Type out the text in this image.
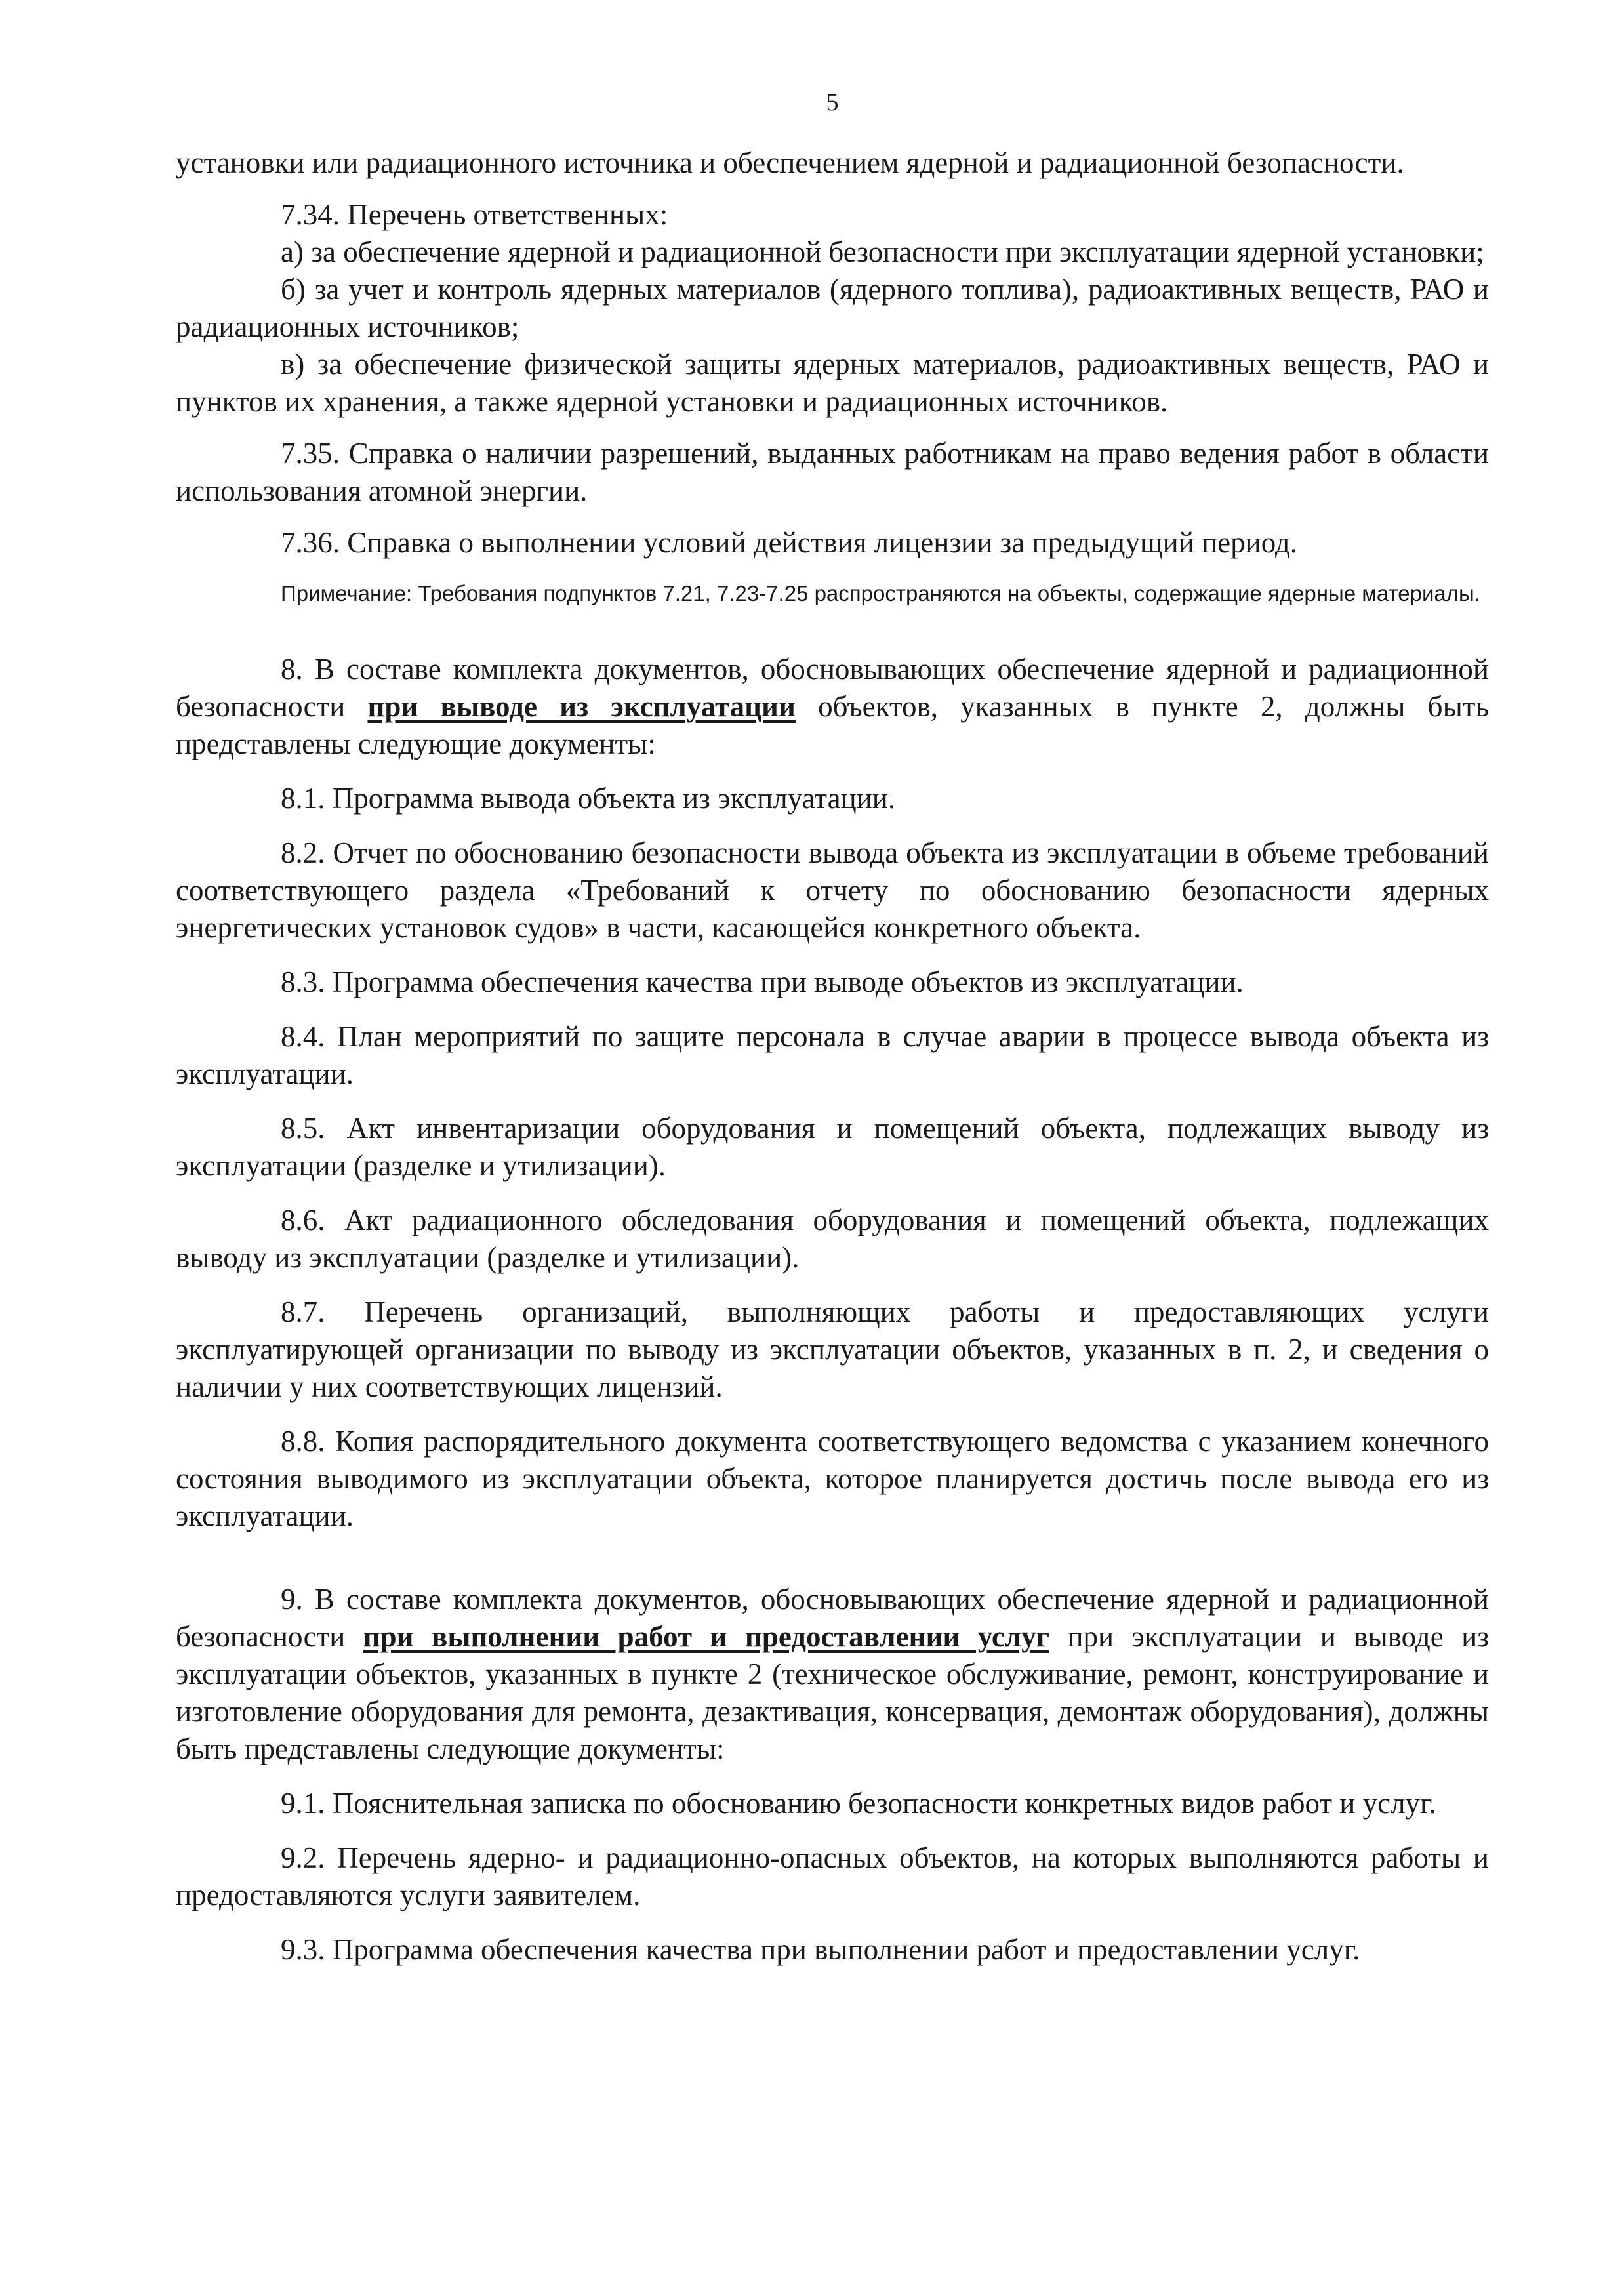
5

установки или радиационного источника и обеспечением ядерной и радиационной безопасности.

7.34. Перечень ответственных:

а) за обеспечение ядерной и радиационной безопасности при эксплуатации ядерной установки;

б) за учет и контроль ядерных материалов (ядерного топлива), радиоактивных веществ, РАО и радиационных источников;

в) за обеспечение физической защиты ядерных материалов, радиоактивных веществ, РАО и пунктов их хранения, а также ядерной установки и радиационных источников.

7.35. Справка о наличии разрешений, выданных работникам на право ведения работ в области использования атомной энергии.

7.36. Справка о выполнении условий действия лицензии за предыдущий период.

Примечание: Требования подпунктов 7.21, 7.23-7.25 распространяются на объекты, содержащие ядерные материалы.

8. В составе комплекта документов, обосновывающих обеспечение ядерной и радиационной безопасности при выводе из эксплуатации объектов, указанных в пункте 2, должны быть представлены следующие документы:

8.1. Программа вывода объекта из эксплуатации.

8.2. Отчет по обоснованию безопасности вывода объекта из эксплуатации в объеме требований соответствующего раздела «Требований к отчету по обоснованию безопасности ядерных энергетических установок судов» в части, касающейся конкретного объекта.

8.3. Программа обеспечения качества при выводе объектов из эксплуатации.

8.4. План мероприятий по защите персонала в случае аварии в процессе вывода объекта из эксплуатации.

8.5. Акт инвентаризации оборудования и помещений объекта, подлежащих выводу из эксплуатации (разделке и утилизации).

8.6. Акт радиационного обследования оборудования и помещений объекта, подлежащих выводу из эксплуатации (разделке и утилизации).

8.7. Перечень организаций, выполняющих работы и предоставляющих услуги эксплуатирующей организации по выводу из эксплуатации объектов, указанных в п. 2, и сведения о наличии у них соответствующих лицензий.

8.8. Копия распорядительного документа соответствующего ведомства с указанием конечного состояния выводимого из эксплуатации объекта, которое планируется достичь после вывода его из эксплуатации.

9. В составе комплекта документов, обосновывающих обеспечение ядерной и радиационной безопасности при выполнении работ и предоставлении услуг при эксплуатации и выводе из эксплуатации объектов, указанных в пункте 2 (техническое обслуживание, ремонт, конструирование и изготовление оборудования для ремонта, дезактивация, консервация, демонтаж оборудования), должны быть представлены следующие документы:

9.1. Пояснительная записка по обоснованию безопасности конкретных видов работ и услуг.

9.2. Перечень ядерно- и радиационно-опасных объектов, на которых выполняются работы и предоставляются услуги заявителем.

9.3. Программа обеспечения качества при выполнении работ и предоставлении услуг.
